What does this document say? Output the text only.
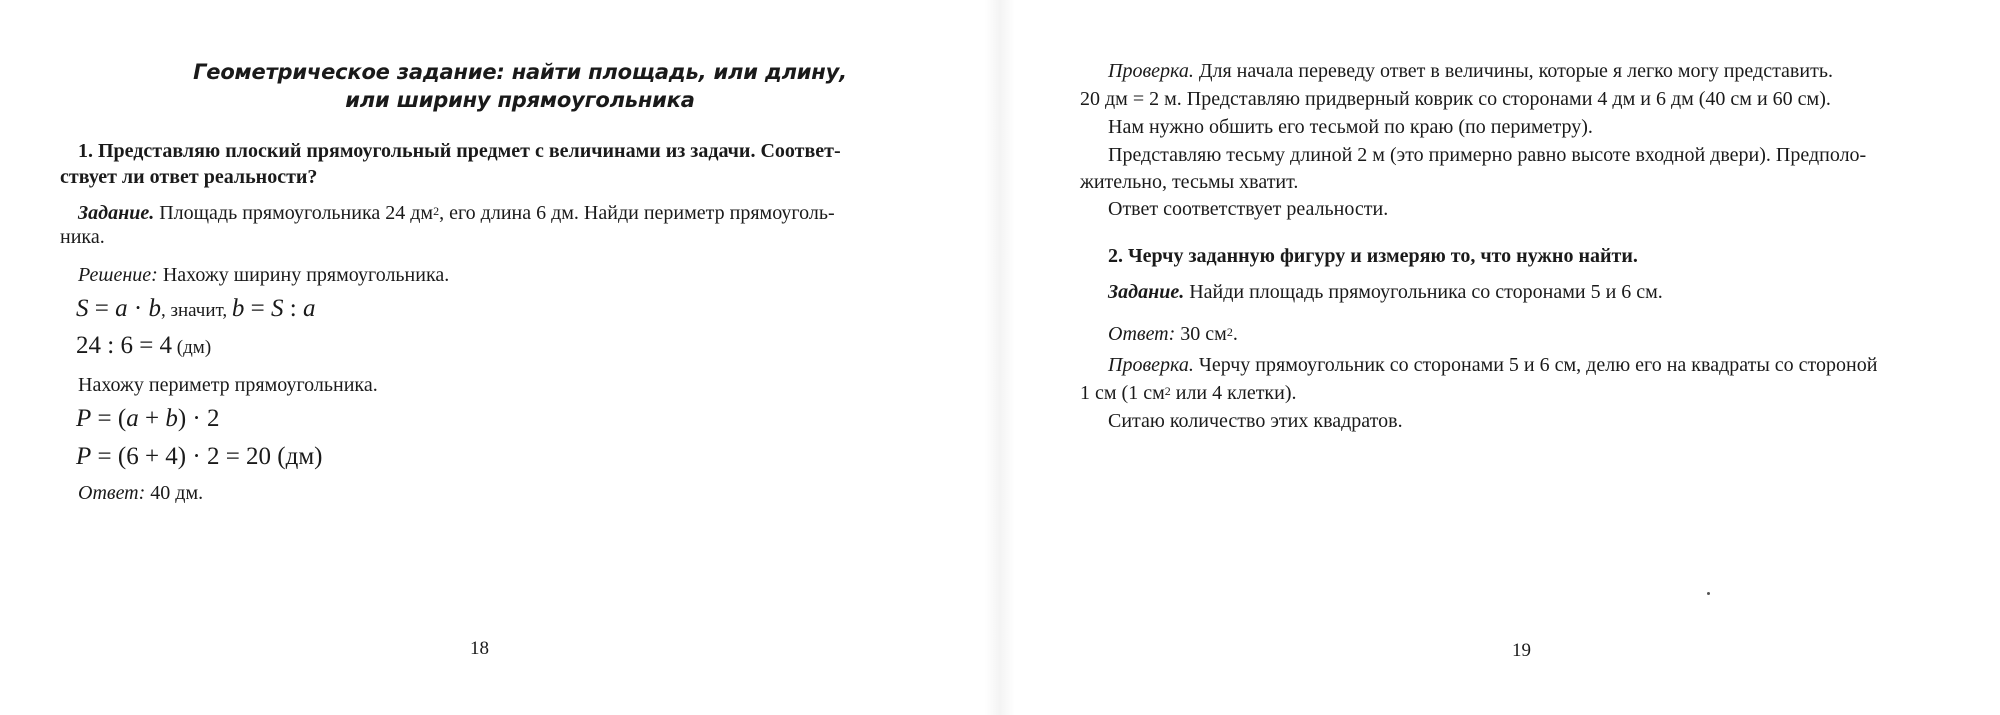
Геометрическое задание: найти площадь, или длину,
или ширину прямоугольника

1. Представляю плоский прямоугольный предмет с величинами из задачи. Соответ-

ствует ли ответ реальности?

Задание. Площадь прямоугольника 24 $дм^2$, его длина 6 дм. Найди периметр прямоуголь-

ника.

Решение: Нахожу ширину прямоугольника.

S = a · b, значит, b = S : a

24 : 6 = 4 (дм)

Нахожу периметр прямоугольника.

P = (a + b) · 2

P = (6 + 4) · 2 = 20 (дм)

Ответ: 40 дм.

18

Проверка. Для начала переведу ответ в величины, которые я легко могу представить.

20 дм = 2 м. Представляю придверный коврик со сторонами 4 дм и 6 дм (40 см и 60 см).

Нам нужно обшить его тесьмой по краю (по периметру).

Представляю тесьму длиной 2 м (это примерно равно высоте входной двери). Предполо-

жительно, тесьмы хватит.

Ответ соответствует реальности.

2. Черчу заданную фигуру и измеряю то, что нужно найти.

Задание. Найди площадь прямоугольника со сторонами 5 и 6 см.

Ответ: 30 $см^2$.

Проверка. Черчу прямоугольник со сторонами 5 и 6 см, делю его на квадраты со стороной

1 см (1 $см^2$ или 4 клетки).

Ситаю количество этих квадратов.

19
